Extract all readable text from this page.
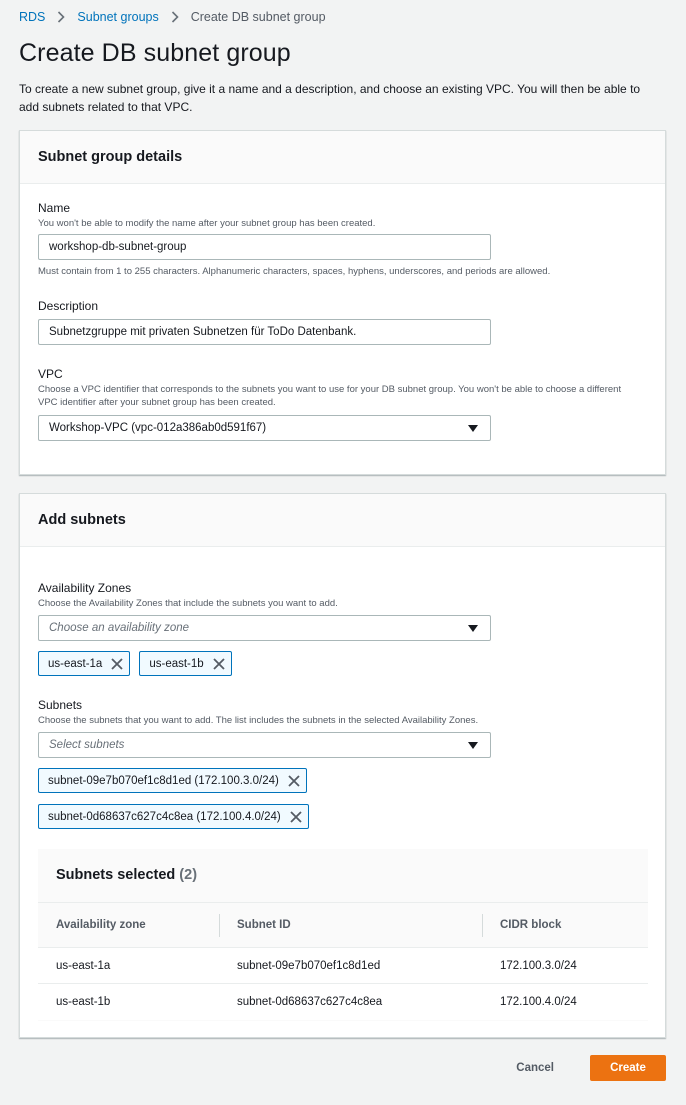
RDS	Subnet groups	Create DB subnet group
Create DB subnet group

To create a new subnet group, give it a name and a description, and choose an existing VPC. You will then be able to add subnets related to that VPC.

Subnet group details
Name
You won't be able to modify the name after your subnet group has been created.
workshop-db-subnet-group
Must contain from 1 to 255 characters. Alphanumeric characters, spaces, hyphens, underscores, and periods are allowed.
Description
Subnetzgruppe mit privaten Subnetzen für ToDo Datenbank.
VPC
Choose a VPC identifier that corresponds to the subnets you want to use for your DB subnet group. You won't be able to choose a different VPC identifier after your subnet group has been created.
Workshop-VPC (vpc-012a386ab0d591f67)
Add subnets
Availability Zones
Choose the Availability Zones that include the subnets you want to add.
Choose an availability zone
us-east-1a	us-east-1b
Subnets
Choose the subnets that you want to add. The list includes the subnets in the selected Availability Zones.
Select subnets
subnet-09e7b070ef1c8d1ed (172.100.3.0/24)
subnet-0d68637c627c4c8ea (172.100.4.0/24)
Subnets selected (2)
Availability zone	Subnet ID	CIDR block
us-east-1a	subnet-09e7b070ef1c8d1ed	172.100.3.0/24
us-east-1b	subnet-0d68637c627c4c8ea	172.100.4.0/24
Cancel	Create
